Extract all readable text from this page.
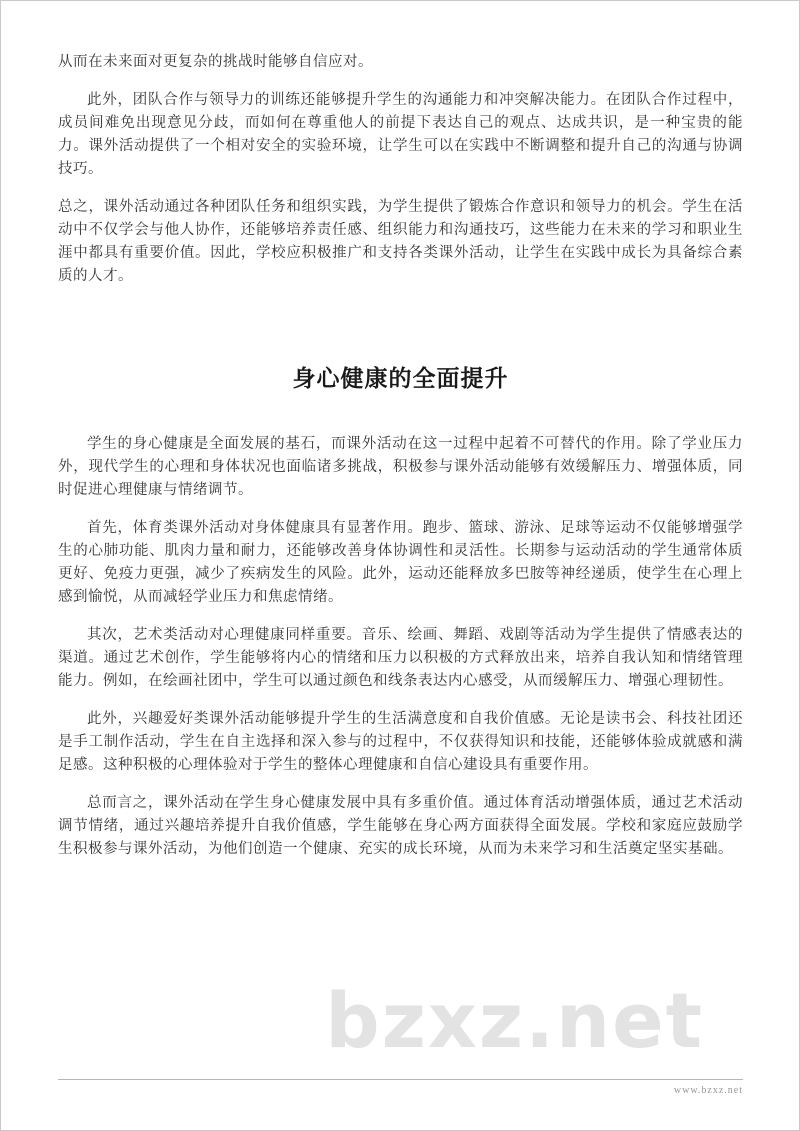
从而在未来面对更复杂的挑战时能够自信应对。

此外，团队合作与领导力的训练还能够提升学生的沟通能力和冲突解决能力。在团队合作过程中，成员间难免出现意见分歧，而如何在尊重他人的前提下表达自己的观点、达成共识，是一种宝贵的能力。课外活动提供了一个相对安全的实验环境，让学生可以在实践中不断调整和提升自己的沟通与协调技巧。

总之，课外活动通过各种团队任务和组织实践，为学生提供了锻炼合作意识和领导力的机会。学生在活动中不仅学会与他人协作，还能够培养责任感、组织能力和沟通技巧，这些能力在未来的学习和职业生涯中都具有重要价值。因此，学校应积极推广和支持各类课外活动，让学生在实践中成长为具备综合素质的人才。

身心健康的全面提升

学生的身心健康是全面发展的基石，而课外活动在这一过程中起着不可替代的作用。除了学业压力外，现代学生的心理和身体状况也面临诸多挑战，积极参与课外活动能够有效缓解压力、增强体质，同时促进心理健康与情绪调节。

首先，体育类课外活动对身体健康具有显著作用。跑步、篮球、游泳、足球等运动不仅能够增强学生的心肺功能、肌肉力量和耐力，还能够改善身体协调性和灵活性。长期参与运动活动的学生通常体质更好、免疫力更强，减少了疾病发生的风险。此外，运动还能释放多巴胺等神经递质，使学生在心理上感到愉悦，从而减轻学业压力和焦虑情绪。

其次，艺术类活动对心理健康同样重要。音乐、绘画、舞蹈、戏剧等活动为学生提供了情感表达的渠道。通过艺术创作，学生能够将内心的情绪和压力以积极的方式释放出来，培养自我认知和情绪管理能力。例如，在绘画社团中，学生可以通过颜色和线条表达内心感受，从而缓解压力、增强心理韧性。

此外，兴趣爱好类课外活动能够提升学生的生活满意度和自我价值感。无论是读书会、科技社团还是手工制作活动，学生在自主选择和深入参与的过程中，不仅获得知识和技能，还能够体验成就感和满足感。这种积极的心理体验对于学生的整体心理健康和自信心建设具有重要作用。

总而言之，课外活动在学生身心健康发展中具有多重价值。通过体育活动增强体质，通过艺术活动调节情绪，通过兴趣培养提升自我价值感，学生能够在身心两方面获得全面发展。学校和家庭应鼓励学生积极参与课外活动，为他们创造一个健康、充实的成长环境，从而为未来学习和生活奠定坚实基础。

bzxz.net
www.bzxz.net
